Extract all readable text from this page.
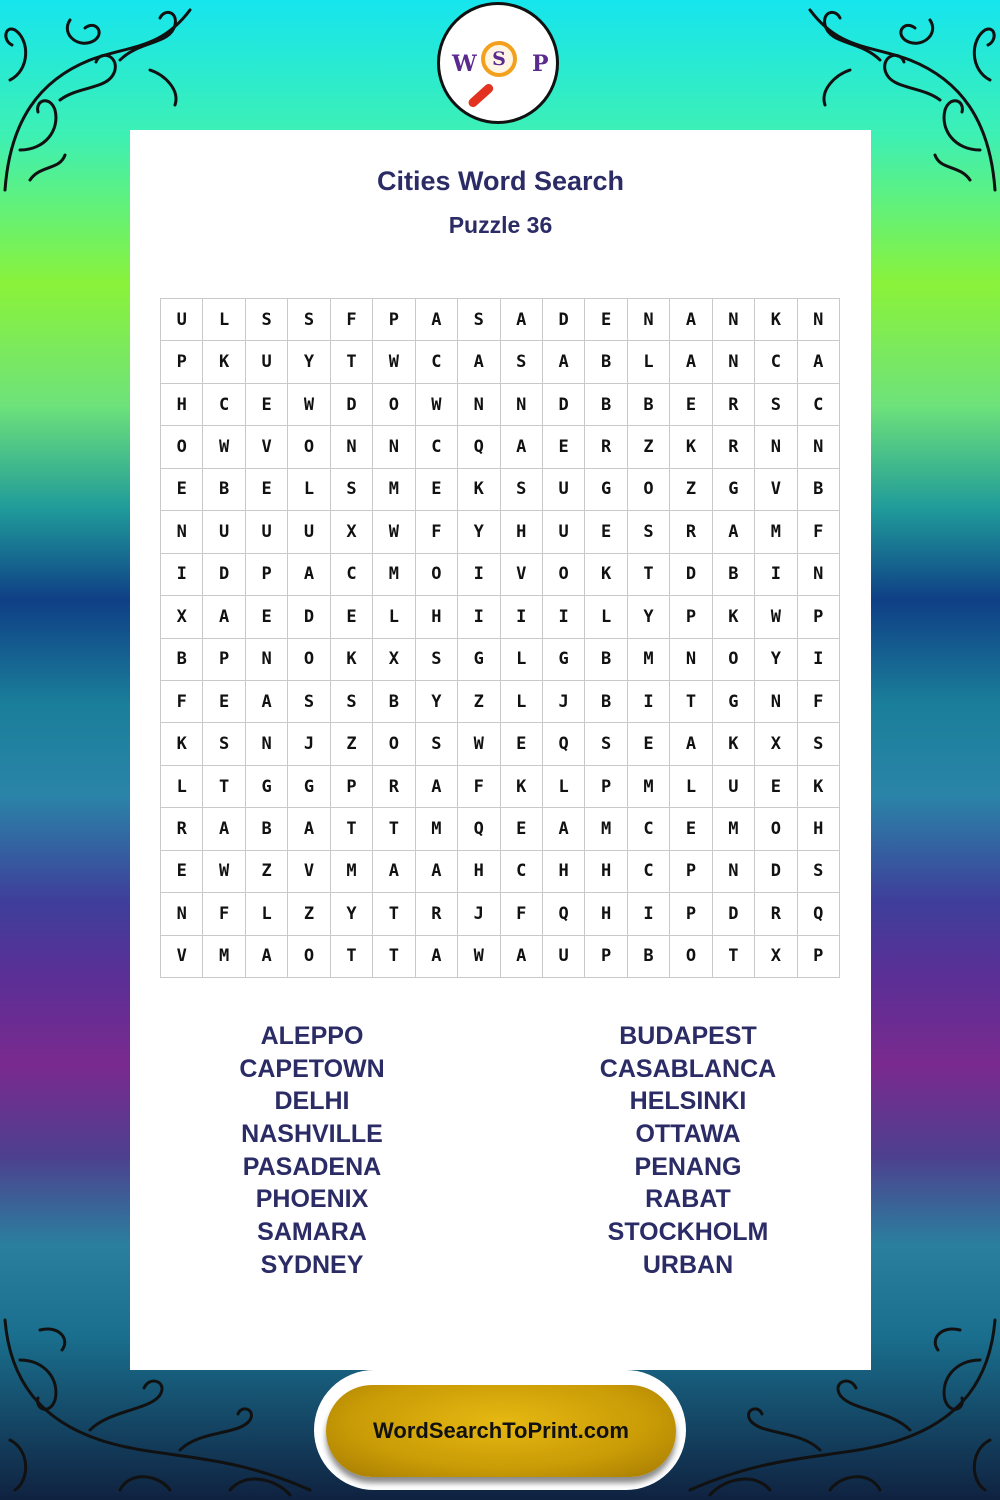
W S	P
Cities Word Search
Puzzle 36
U	L	S	S	F	P	A	S	A	D	E	N	A	N	K	N
P	K	U	Y	T	W	C	A	S	A	B	L	A	N	C	A
H	C	E	W	D	O	W	N	N	D	B	B	E	R	S	C
O	W	V	O	N	N	C	Q	A	E	R	Z	K	R	N	N
E	B	E	L	S	M	E	K	S	U	G	O	Z	G	V	B
N	U	U	U	X	W	F	Y	H	U	E	S	R	A	M	F
I	D	P	A	C	M	O	I	V	O	K	T	D	B	I	N
X	A	E	D	E	L	H	I	I	I	L	Y	P	K	W	P
B	P	N	O	K	X	S	G	L	G	B	M	N	O	Y	I
F	E	A	S	S	B	Y	Z	L	J	B	I	T	G	N	F
K	S	N	J	Z	O	S	W	E	Q	S	E	A	K	X	S
L	T	G	G	P	R	A	F	K	L	P	M	L	U	E	K
R	A	B	A	T	T	M	Q	E	A	M	C	E	M	O	H
E	W	Z	V	M	A	A	H	C	H	H	C	P	N	D	S
N	F	L	Z	Y	T	R	J	F	Q	H	I	P	D	R	Q
V	M	A	O	T	T	A	W	A	U	P	B	O	T	X	P
ALEPPO
CAPETOWN
DELHI
NASHVILLE
PASADENA
PHOENIX
SAMARA
SYDNEY
BUDAPEST
CASABLANCA
HELSINKI
OTTAWA
PENANG
RABAT
STOCKHOLM
URBAN
WordSearchToPrint.com
